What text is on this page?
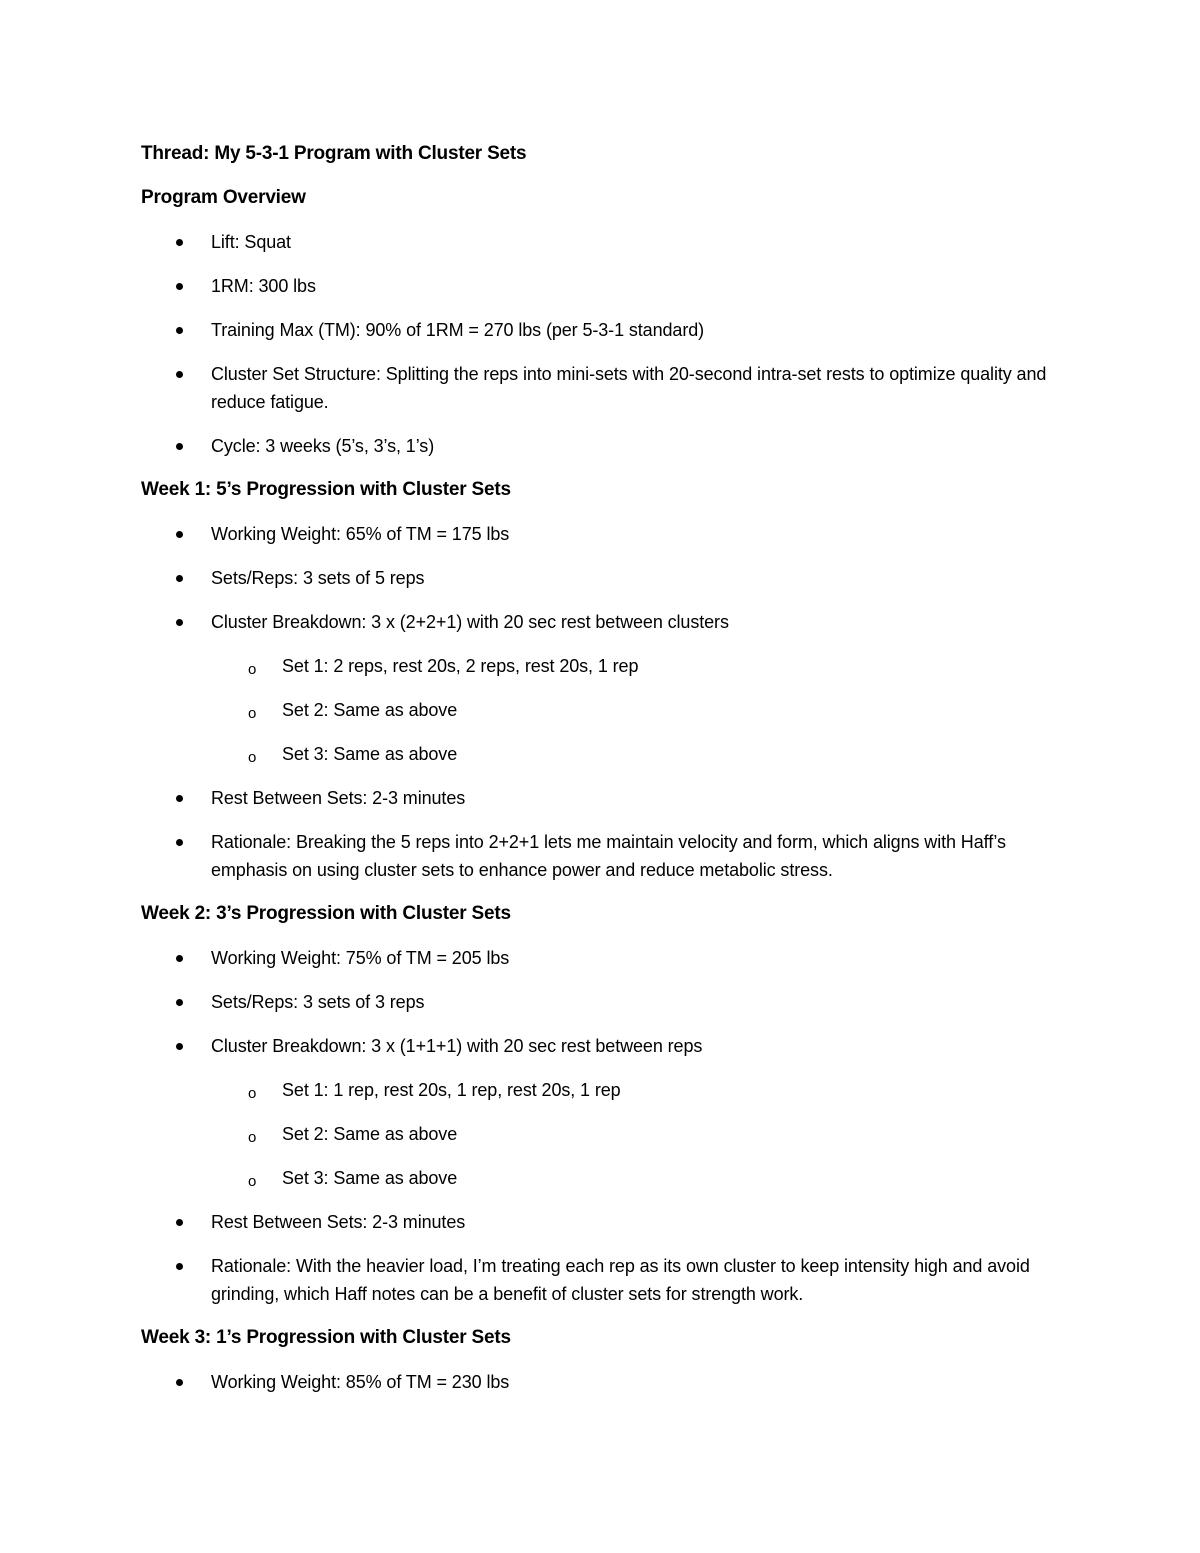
Thread: My 5-3-1 Program with Cluster Sets
Program Overview
Lift: Squat
1RM: 300 lbs
Training Max (TM): 90% of 1RM = 270 lbs (per 5-3-1 standard)
Cluster Set Structure: Splitting the reps into mini-sets with 20-second intra-set rests to optimize quality and reduce fatigue.
Cycle: 3 weeks (5’s, 3’s, 1’s)
Week 1: 5’s Progression with Cluster Sets
Working Weight: 65% of TM = 175 lbs
Sets/Reps: 3 sets of 5 reps
Cluster Breakdown: 3 x (2+2+1) with 20 sec rest between clusters
o Set 1: 2 reps, rest 20s, 2 reps, rest 20s, 1 rep
o Set 2: Same as above
o Set 3: Same as above
Rest Between Sets: 2-3 minutes
Rationale: Breaking the 5 reps into 2+2+1 lets me maintain velocity and form, which aligns with Haff’s emphasis on using cluster sets to enhance power and reduce metabolic stress.
Week 2: 3’s Progression with Cluster Sets
Working Weight: 75% of TM = 205 lbs
Sets/Reps: 3 sets of 3 reps
Cluster Breakdown: 3 x (1+1+1) with 20 sec rest between reps
o Set 1: 1 rep, rest 20s, 1 rep, rest 20s, 1 rep
o Set 2: Same as above
o Set 3: Same as above
Rest Between Sets: 2-3 minutes
Rationale: With the heavier load, I’m treating each rep as its own cluster to keep intensity high and avoid grinding, which Haff notes can be a benefit of cluster sets for strength work.
Week 3: 1’s Progression with Cluster Sets
Working Weight: 85% of TM = 230 lbs
